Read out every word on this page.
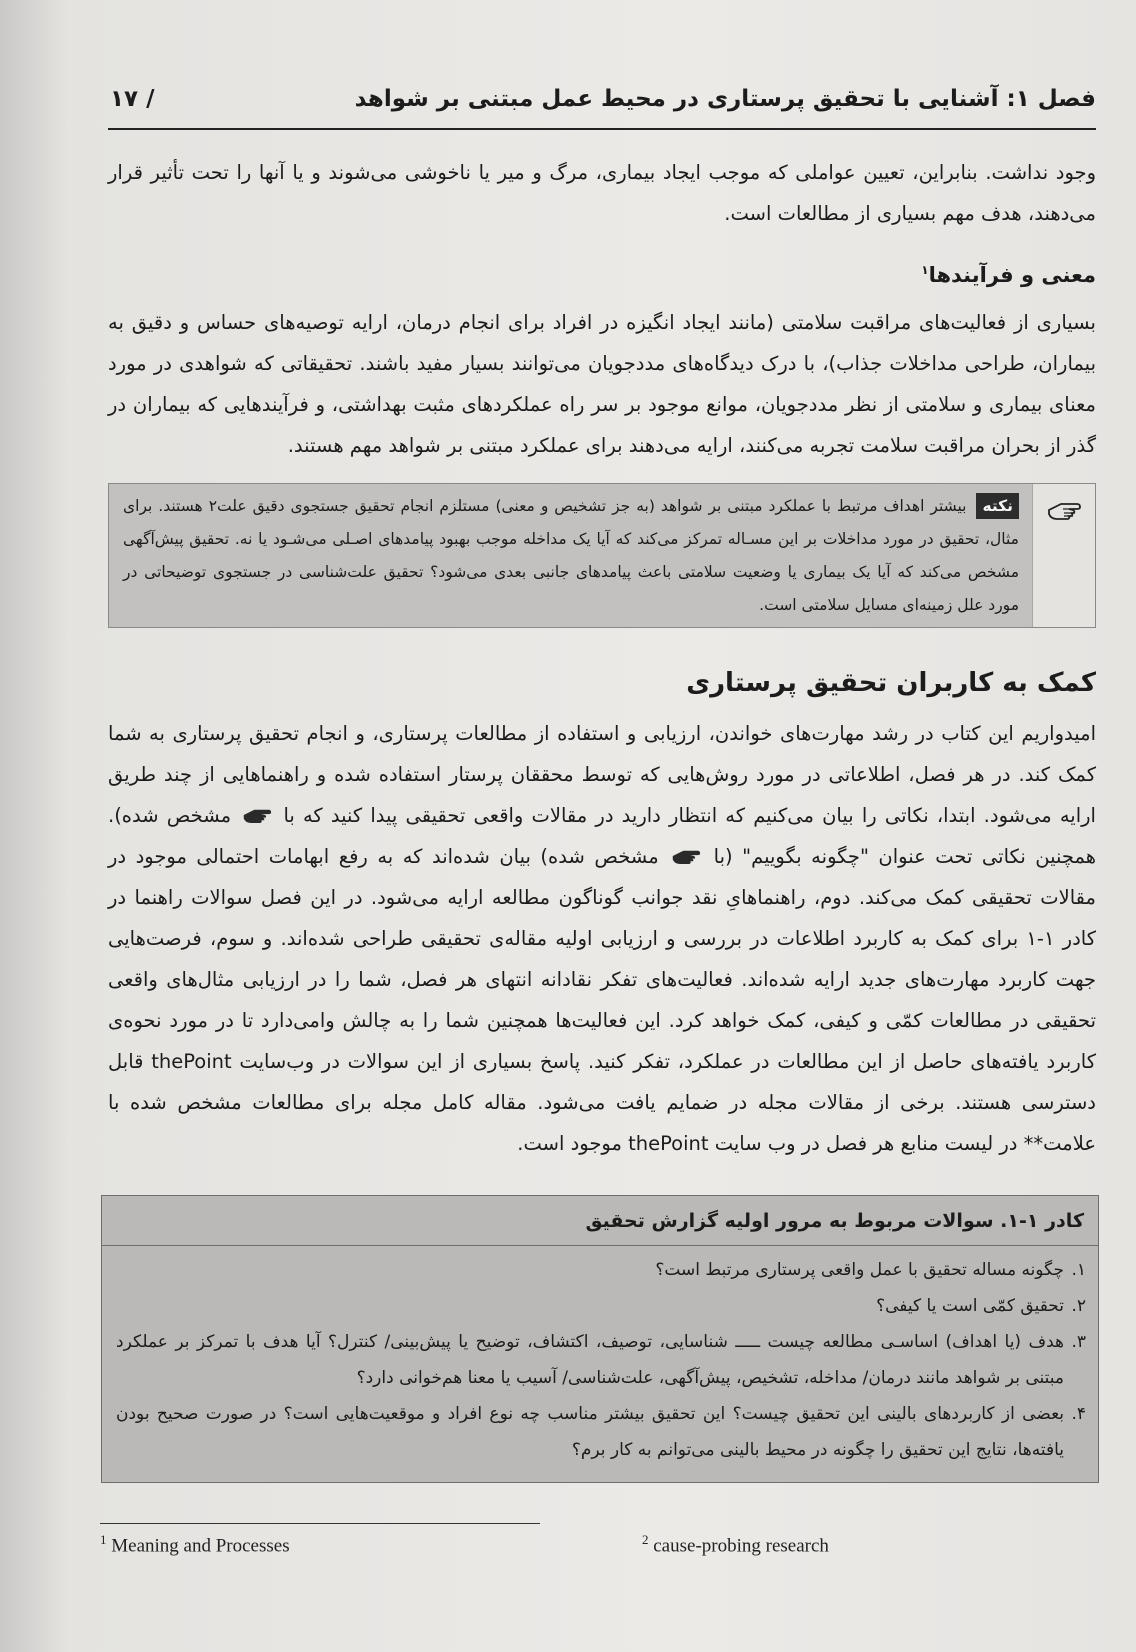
فصل ۱: آشنایی با تحقیق پرستاری در محیط عمل مبتنی بر شواهد
/ ۱۷

وجود نداشت. بنابراین، تعیین عواملی که موجب ایجاد بیماری، مرگ و میر یا ناخوشی می‌شوند و یا آنها را تحت تأثیر قرار می‌دهند، هدف مهم بسیاری از مطالعات است.

معنی و فرآیندها$^۱$

بسیاری از فعالیت‌های مراقبت سلامتی (مانند ایجاد انگیزه در افراد برای انجام درمان، ارایه توصیه‌های حساس و دقیق به بیماران، طراحی مداخلات جذاب)، با درک دیدگاه‌های مددجویان می‌توانند بسیار مفید باشند. تحقیقاتی که شواهدی در مورد معنای بیماری و سلامتی از نظر مددجویان، موانع موجود بر سر راه عملکردهای مثبت بهداشتی، و فرآیندهایی که بیماران در گذر از بحران مراقبت سلامت تجربه می‌کنند، ارایه می‌دهند برای عملکرد مبتنی بر شواهد مهم هستند.

نکته بیشتر اهداف مرتبط با عملکرد مبتنی بر شواهد (به جز تشخیص و معنی) مستلزم انجام تحقیق جستجوی دقیق علت۲ هستند. برای مثال، تحقیق در مورد مداخلات بر این مسـاله تمرکز می‌کند که آیا یک مداخله موجب بهبود پیامدهای اصـلی می‌شـود یا نه. تحقیق پیش‌آگهی مشخص می‌کند که آیا یک بیماری یا وضعیت سلامتی باعث پیامدهای جانبی بعدی می‌شود؟ تحقیق علت‌شناسی در جستجوی توضیحاتی در مورد علل زمینه‌ای مسایل سلامتی است.
کمک به کاربران تحقیق پرستاری

امیدواریم این کتاب در رشد مهارت‌های خواندن، ارزیابی و استفاده از مطالعات پرستاری، و انجام تحقیق پرستاری به شما کمک کند. در هر فصل، اطلاعاتی در مورد روش‌هایی که توسط محققان پرستار استفاده شده و راهنماهایی از چند طریق ارایه می‌شود. ابتدا، نکاتی را بیان می‌کنیم که انتظار دارید در مقالات واقعی تحقیقی پیدا کنید که با  مشخص شده). همچنین نکاتی تحت عنوان "چگونه بگوییم" (با  مشخص شده) بیان شده‌اند که به رفع ابهامات احتمالی موجود در مقالات تحقیقی کمک می‌کند. دوم، راهنماهایِ نقد جوانب گوناگون مطالعه ارایه می‌شود. در این فصل سوالات راهنما در کادر ۱-۱ برای کمک به کاربرد اطلاعات در بررسی و ارزیابی اولیه مقاله‌ی تحقیقی طراحی شده‌اند. و سوم، فرصت‌هایی جهت کاربرد مهارت‌های جدید ارایه شده‌اند. فعالیت‌های تفکر نقادانه انتهای هر فصل، شما را در ارزیابی مثال‌های واقعی تحقیقی در مطالعات کمّی و کیفی، کمک خواهد کرد. این فعالیت‌ها همچنین شما را به چالش وامی‌دارد تا در مورد نحوه‌ی کاربرد یافته‌های حاصل از این مطالعات در عملکرد، تفکر کنید. پاسخ بسیاری از این سوالات در وب‌سایت thePoint قابل دسترسی هستند. برخی از مقالات مجله در ضمایم یافت می‌شود. مقاله کامل مجله برای مطالعات مشخص شده با علامت** در لیست منابع هر فصل در وب سایت thePoint موجود است.

کادر ۱-۱. سوالات مربوط به مرور اولیه گزارش تحقیق
۱.
چگونه مساله تحقیق با عمل واقعی پرستاری مرتبط است؟
۲.
تحقیق کمّی است یا کیفی؟
۳.
هدف (یا اهداف) اساسـی مطالعه چیست ـــــ شناسایی، توصیف، اکتشاف، توضیح یا پیش‌بینی/ کنترل؟ آیا هدف با تمرکز بر عملکرد مبتنی بر شواهد مانند درمان/ مداخله، تشخیص، پیش‌آگهی، علت‌شناسی/ آسیب یا معنا هم‌خوانی دارد؟
۴.
بعضی از کاربردهای بالینی این تحقیق چیست؟ این تحقیق بیشتر مناسب چه نوع افراد و موقعیت‌هایی است؟ در صورت صحیح بودن یافته‌ها، نتایج این تحقیق را چگونه در محیط بالینی می‌توانم به کار برم؟
$^1$ Meaning and Processes	$^2$ cause-probing research
